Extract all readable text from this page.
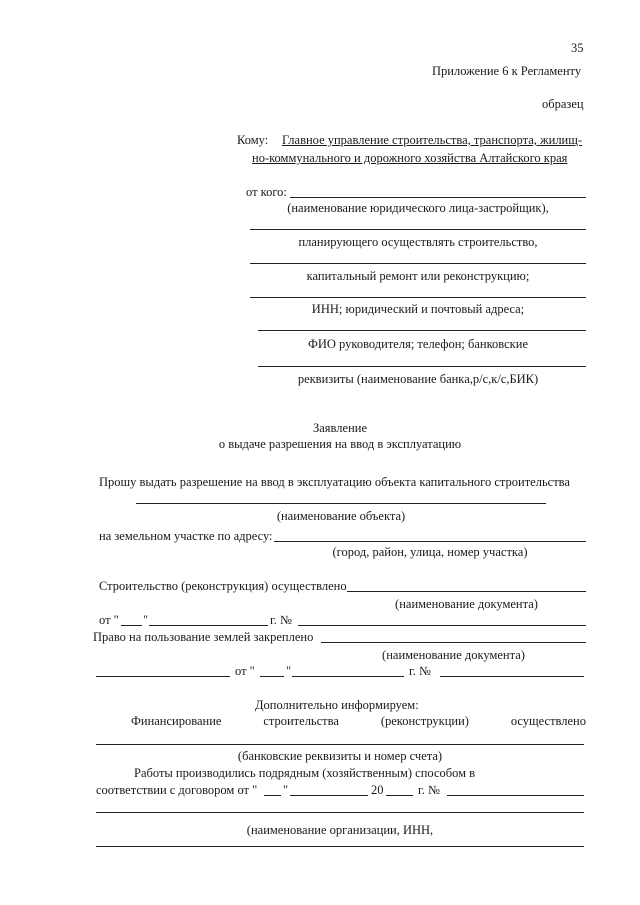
35
Приложение 6 к Регламенту
образец
Кому: Главное управление строительства, транспорта, жилищ-
но-коммунального и дорожного хозяйства Алтайского края
от кого:
(наименование юридического лица-застройщик),
планирующего осуществлять строительство,
капитальный ремонт или реконструкцию;
ИНН; юридический и почтовый адреса;
ФИО руководителя; телефон; банковские
реквизиты (наименование банка,р/с,к/с,БИК)
Заявление
о выдаче разрешения на ввод в эксплуатацию
Прошу выдать разрешение на ввод в эксплуатацию объекта капитального строительства
(наименование объекта)
на земельном участке по адресу:
(город, район, улица, номер участка)
Строительство (реконструкция) осуществлено
(наименование документа)
от " "	г. №
Право на пользование землей закреплено
(наименование документа)
от " "	г. №
Дополнительно информируем:
Финансирование	строительства	(реконструкции)	осуществлено
(банковские реквизиты и номер счета)
Работы производились подрядным (хозяйственным) способом в
соответствии с договором от " "	20	г. №
(наименование организации, ИНН,
